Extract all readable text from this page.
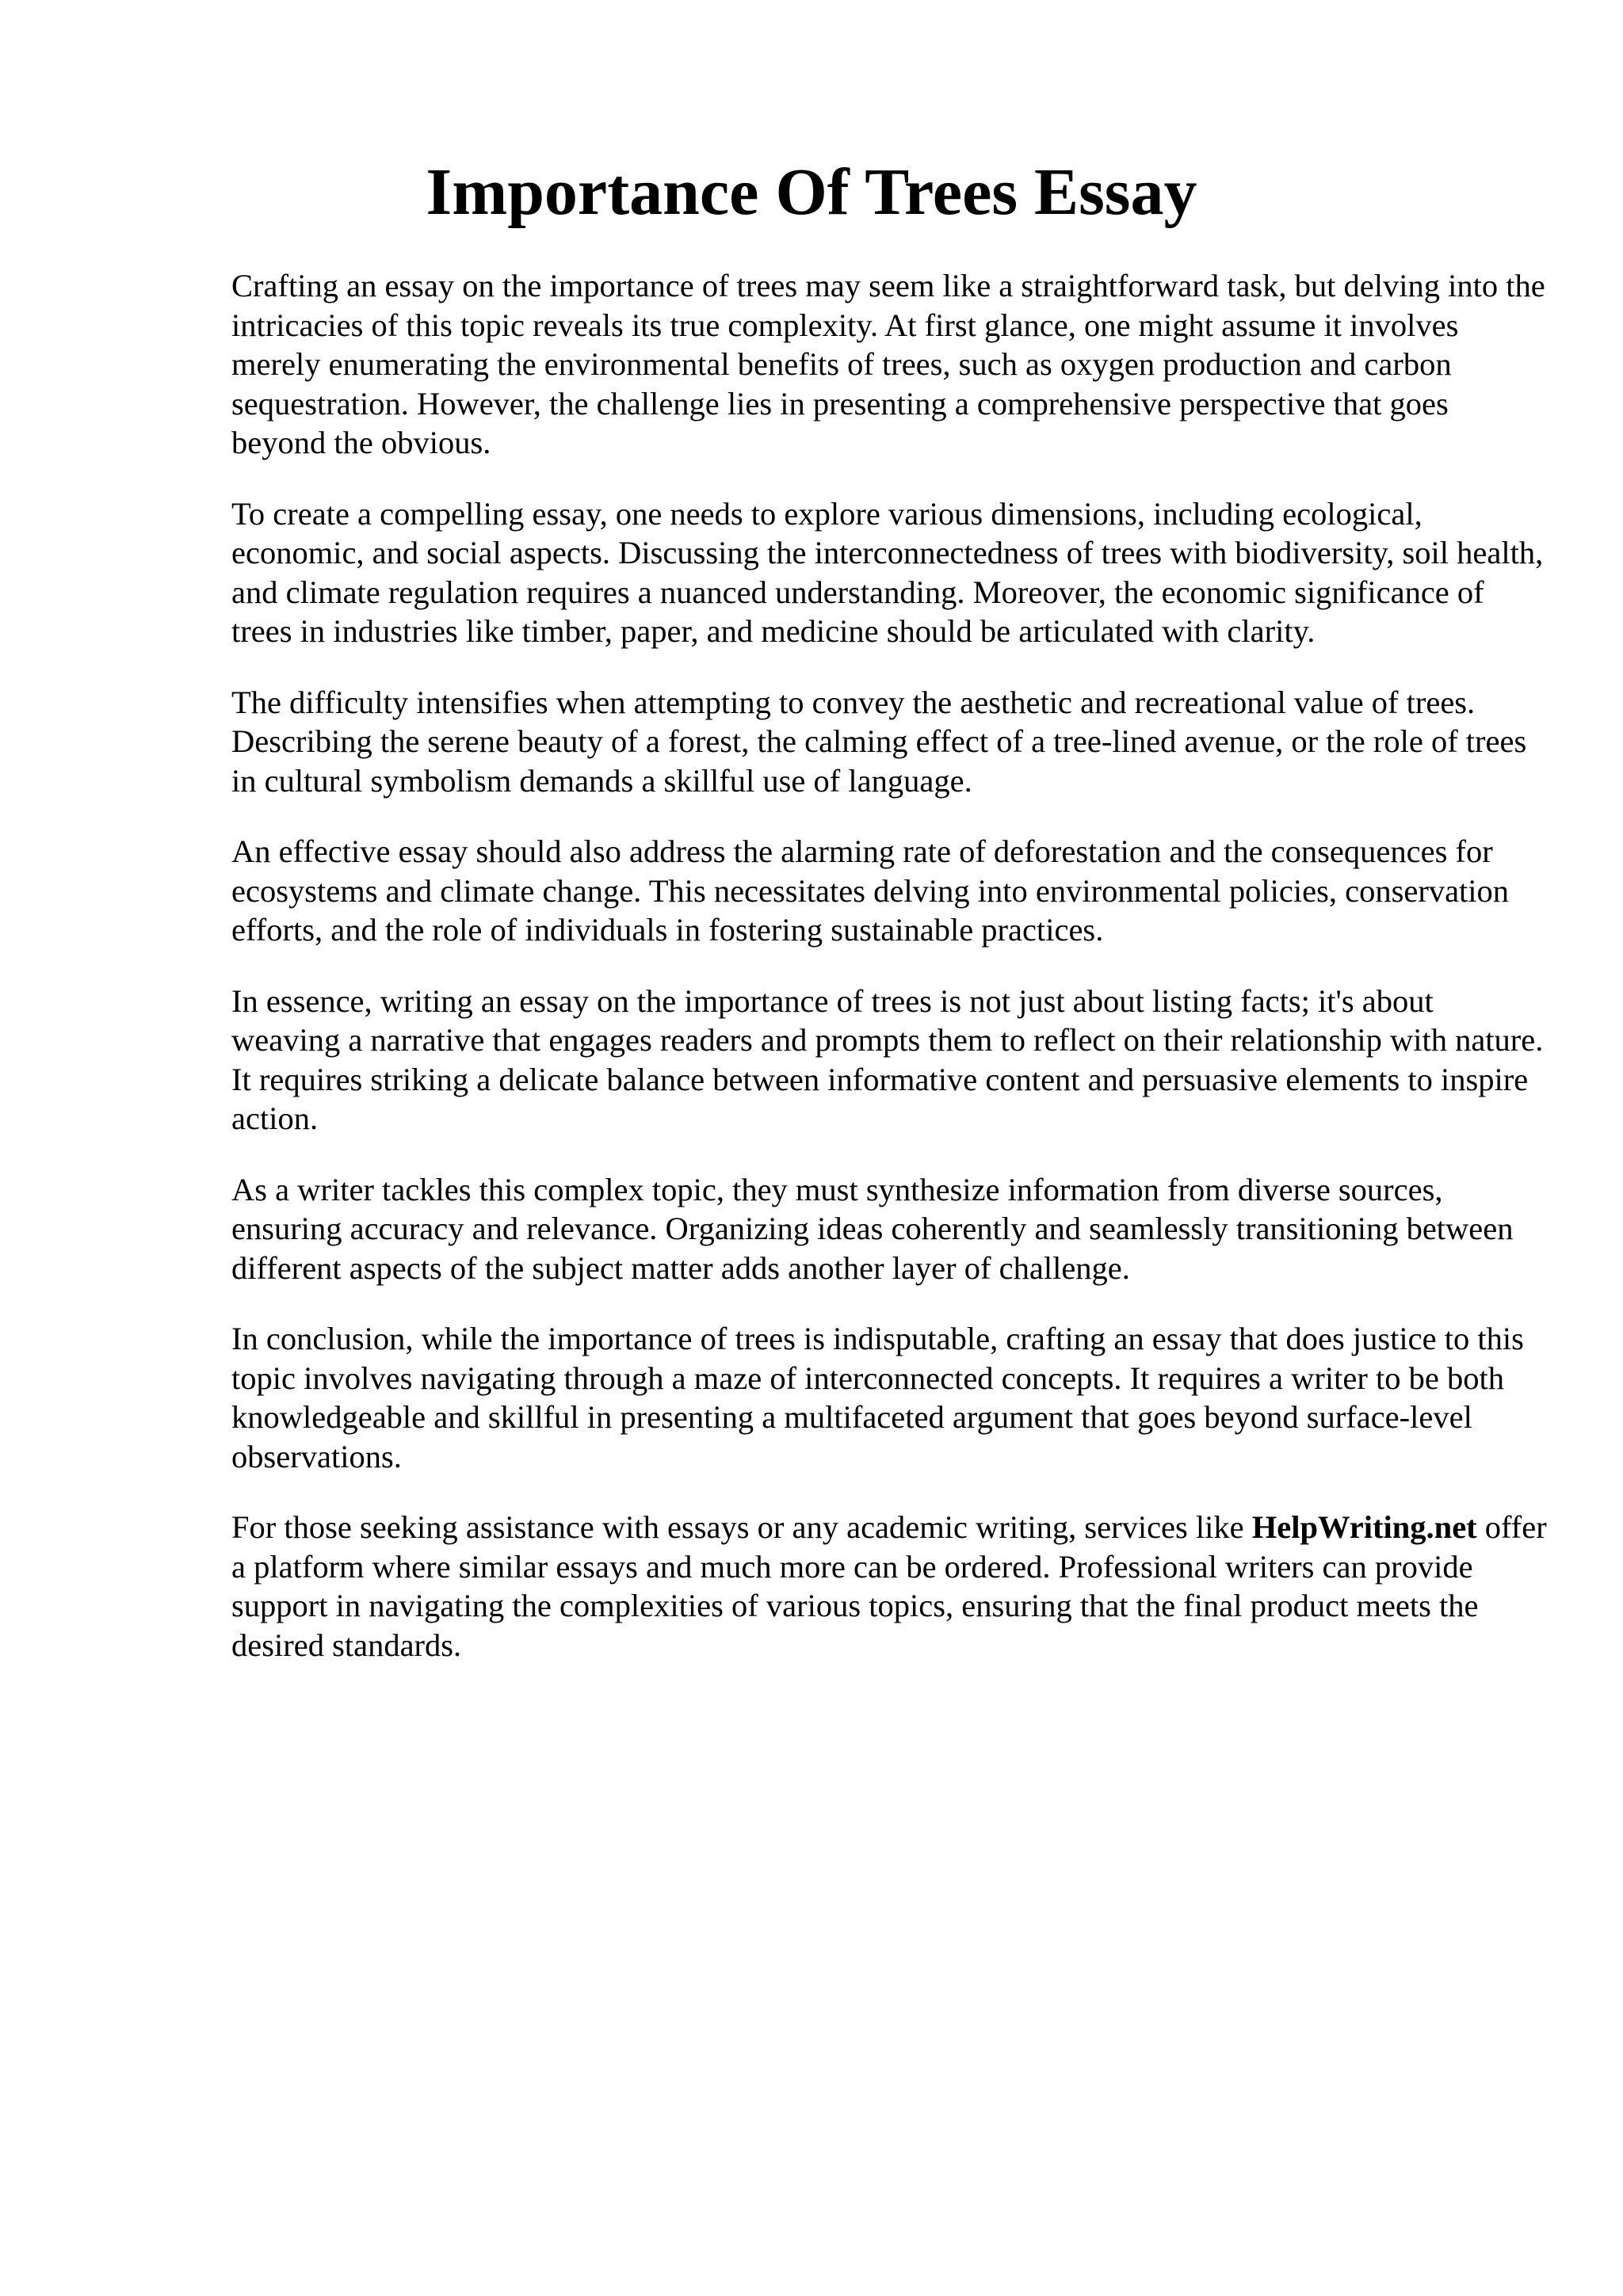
Importance Of Trees Essay

Crafting an essay on the importance of trees may seem like a straightforward task, but delving into the intricacies of this topic reveals its true complexity. At first glance, one might assume it involves merely enumerating the environmental benefits of trees, such as oxygen production and carbon sequestration. However, the challenge lies in presenting a comprehensive perspective that goes beyond the obvious.

To create a compelling essay, one needs to explore various dimensions, including ecological, economic, and social aspects. Discussing the interconnectedness of trees with biodiversity, soil health, and climate regulation requires a nuanced understanding. Moreover, the economic significance of trees in industries like timber, paper, and medicine should be articulated with clarity.

The difficulty intensifies when attempting to convey the aesthetic and recreational value of trees. Describing the serene beauty of a forest, the calming effect of a tree-lined avenue, or the role of trees in cultural symbolism demands a skillful use of language.

An effective essay should also address the alarming rate of deforestation and the consequences for ecosystems and climate change. This necessitates delving into environmental policies, conservation efforts, and the role of individuals in fostering sustainable practices.

In essence, writing an essay on the importance of trees is not just about listing facts; it's about weaving a narrative that engages readers and prompts them to reflect on their relationship with nature. It requires striking a delicate balance between informative content and persuasive elements to inspire action.

As a writer tackles this complex topic, they must synthesize information from diverse sources, ensuring accuracy and relevance. Organizing ideas coherently and seamlessly transitioning between different aspects of the subject matter adds another layer of challenge.

In conclusion, while the importance of trees is indisputable, crafting an essay that does justice to this topic involves navigating through a maze of interconnected concepts. It requires a writer to be both knowledgeable and skillful in presenting a multifaceted argument that goes beyond surface-level observations.

For those seeking assistance with essays or any academic writing, services like HelpWriting.net offer a platform where similar essays and much more can be ordered. Professional writers can provide support in navigating the complexities of various topics, ensuring that the final product meets the desired standards.
